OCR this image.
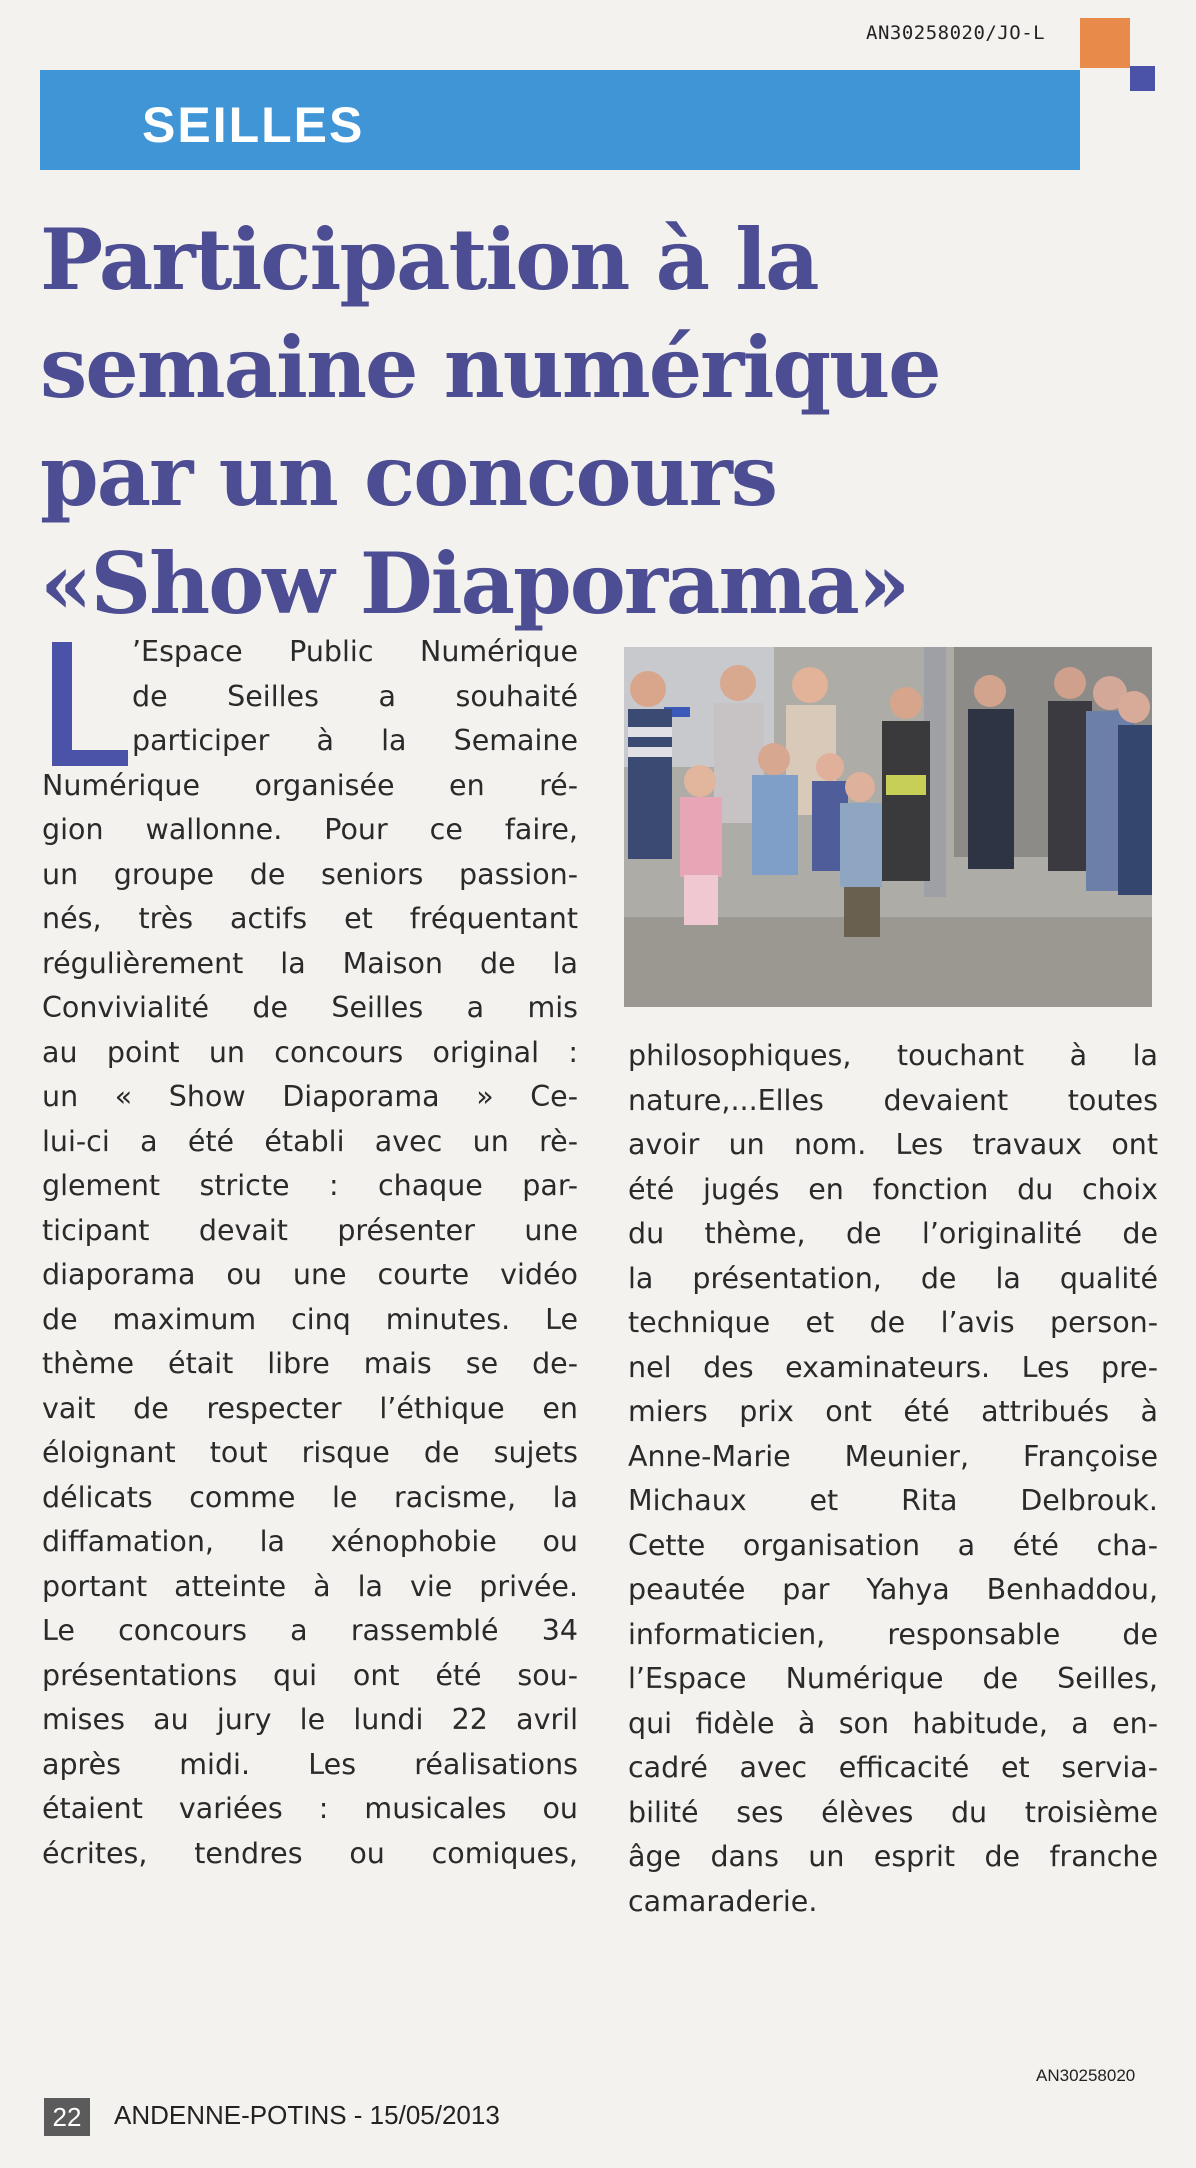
AN30258020/JO-L
SEILLES
Participation à la
semaine numérique
par un concours
«Show Diaporama»
’Espace Public Numérique
de Seilles a souhaité
participer à la Semaine
Numérique organisée en ré-
gion wallonne. Pour ce faire,
un groupe de seniors passion-
nés, très actifs et fréquentant
régulièrement la Maison de la
Convivialité de Seilles a mis
au point un concours original :
un « Show Diaporama » Ce-
lui-ci a été établi avec un rè-
glement stricte : chaque par-
ticipant devait présenter une
diaporama ou une courte vidéo
de maximum cinq minutes. Le
thème était libre mais se de-
vait de respecter l’éthique en
éloignant tout risque de sujets
délicats comme le racisme, la
diffamation, la xénophobie ou
portant atteinte à la vie privée.
Le concours a rassemblé 34
présentations qui ont été sou-
mises au jury le lundi 22 avril
après midi. Les réalisations
étaient variées : musicales ou
écrites, tendres ou comiques,
philosophiques, touchant à la
nature,...Elles devaient toutes
avoir un nom. Les travaux ont
été jugés en fonction du choix
du thème, de l’originalité de
la présentation, de la qualité
technique et de l’avis person-
nel des examinateurs. Les pre-
miers prix ont été attribués à
Anne-Marie Meunier, Françoise
Michaux et Rita Delbrouk.
Cette organisation a été cha-
peautée par Yahya Benhaddou,
informaticien, responsable de
l’Espace Numérique de Seilles,
qui fidèle à son habitude, a en-
cadré avec efficacité et servia-
bilité ses élèves du troisième
âge dans un esprit de franche
camaraderie.
AN30258020
22	ANDENNE-POTINS - 15/05/2013
